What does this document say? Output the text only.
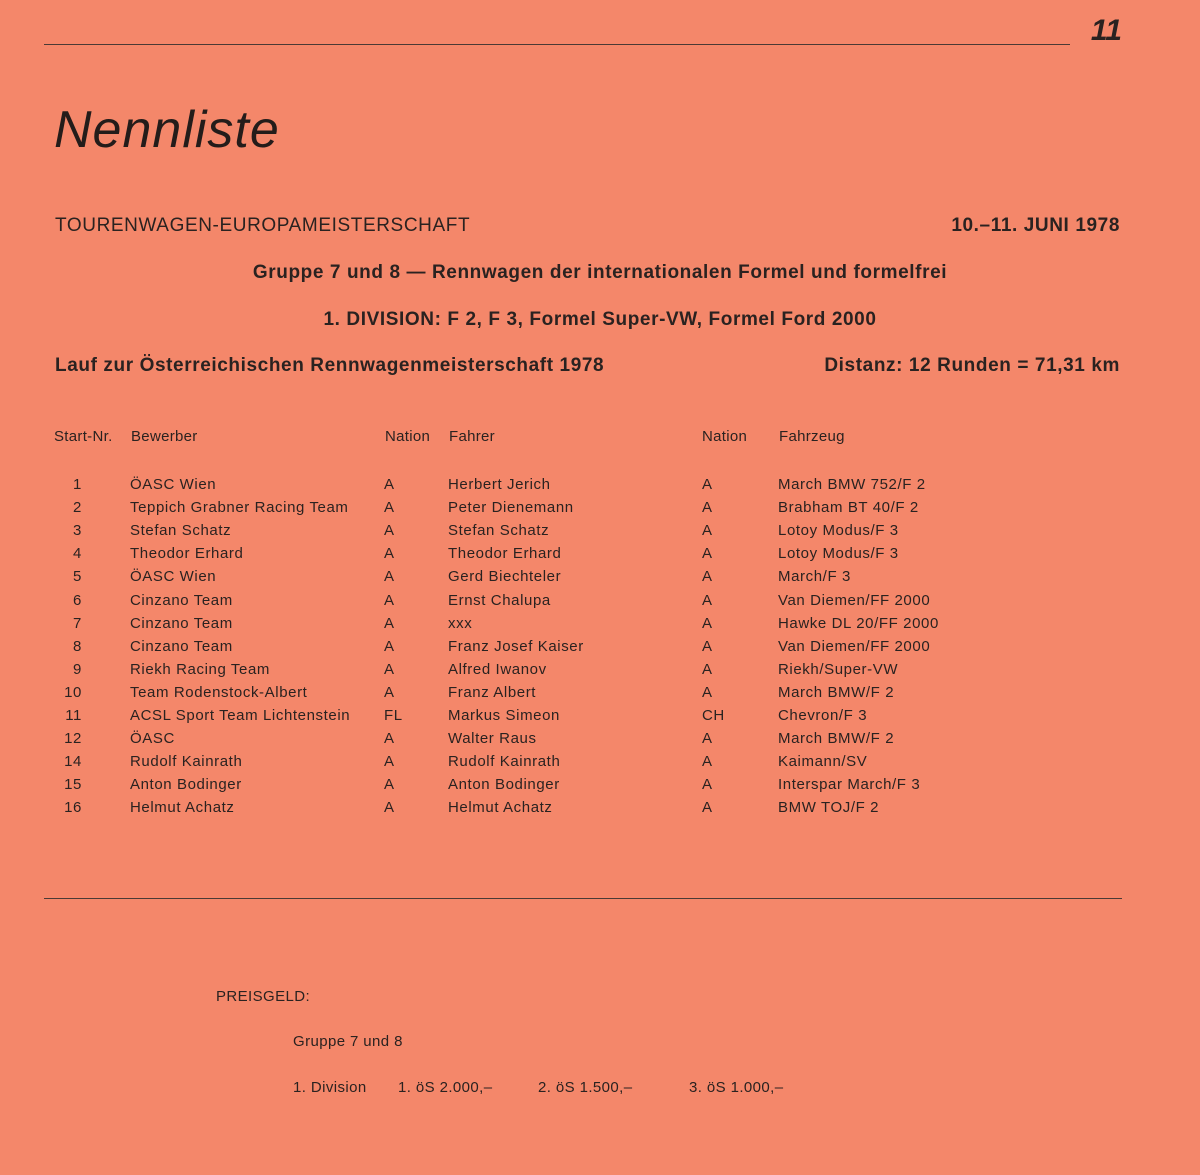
11
Nennliste
TOURENWAGEN-EUROPAMEISTERSCHAFT	10.–11. JUNI 1978
Gruppe 7 und 8 — Rennwagen der internationalen Formel und formelfrei
1. DIVISION: F 2, F 3, Formel Super-VW, Formel Ford 2000
Lauf zur Österreichischen Rennwagenmeisterschaft 1978	Distanz: 12 Runden = 71,31 km
Start-Nr. Bewerber	Nation Fahrer	Nation Fahrzeug
1	ÖASC Wien	A	Herbert Jerich	A	March BMW 752/F 2
2	Teppich Grabner Racing Team	A	Peter Dienemann	A	Brabham BT 40/F 2
3	Stefan Schatz	A	Stefan Schatz	A	Lotoy Modus/F 3
4	Theodor Erhard	A	Theodor Erhard	A	Lotoy Modus/F 3
5	ÖASC Wien	A	Gerd Biechteler	A	March/F 3
6	Cinzano Team	A	Ernst Chalupa	A	Van Diemen/FF 2000
7	Cinzano Team	A	xxx	A	Hawke DL 20/FF 2000
8	Cinzano Team	A	Franz Josef Kaiser	A	Van Diemen/FF 2000
9	Riekh Racing Team	A	Alfred Iwanov	A	Riekh/Super-VW
10	Team Rodenstock-Albert	A	Franz Albert	A	March BMW/F 2
11	ACSL Sport Team Lichtenstein	FL	Markus Simeon	CH	Chevron/F 3
12	ÖASC	A	Walter Raus	A	March BMW/F 2
14	Rudolf Kainrath	A	Rudolf Kainrath	A	Kaimann/SV
15	Anton Bodinger	A	Anton Bodinger	A	Interspar March/F 3
16	Helmut Achatz	A	Helmut Achatz	A	BMW TOJ/F 2
PREISGELD:
Gruppe 7 und 8
1. Division 1. öS 2.000,–	2. öS 1.500,–	3. öS 1.000,–
